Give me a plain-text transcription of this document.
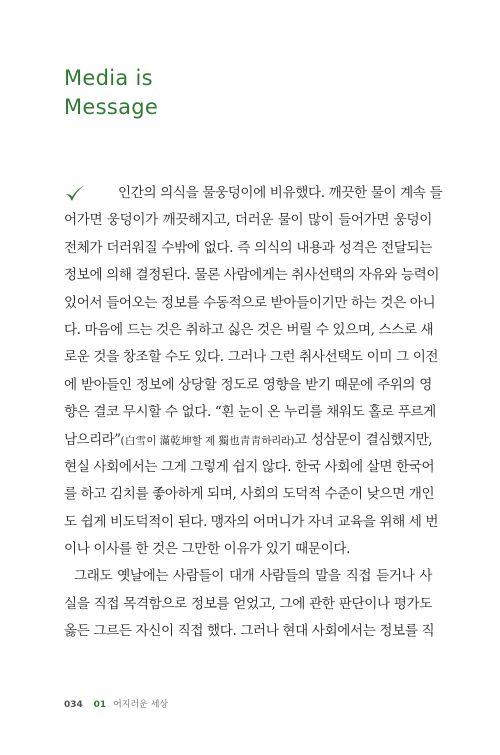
Media is
Message
인간의 의식을 물웅덩이에 비유했다. 깨끗한 물이 계속 들
어가면 웅덩이가 깨끗해지고, 더러운 물이 많이 들어가면 웅덩이
전체가 더러워질 수밖에 없다. 즉 의식의 내용과 성격은 전달되는
정보에 의해 결정된다. 물론 사람에게는 취사선택의 자유와 능력이
있어서 들어오는 정보를 수동적으로 받아들이기만 하는 것은 아니
다. 마음에 드는 것은 취하고 싫은 것은 버릴 수 있으며, 스스로 새
로운 것을 창조할 수도 있다. 그러나 그런 취사선택도 이미 그 이전
에 받아들인 정보에 상당할 정도로 영향을 받기 때문에 주위의 영
향은 결코 무시할 수 없다. “흰 눈이 온 누리를 채워도 홀로 푸르게
남으리라”(白雪이 滿乾坤할 제 獨也靑靑하리라)고 성삼문이 결심했지만,
현실 사회에서는 그게 그렇게 쉽지 않다. 한국 사회에 살면 한국어
를 하고 김치를 좋아하게 되며, 사회의 도덕적 수준이 낮으면 개인
도 쉽게 비도덕적이 된다. 맹자의 어머니가 자녀 교육을 위해 세 번
이나 이사를 한 것은 그만한 이유가 있기 때문이다.
그래도 옛날에는 사람들이 대개 사람들의 말을 직접 듣거나 사
실을 직접 목격함으로 정보를 얻었고, 그에 관한 판단이나 평가도
옳든 그르든 자신이 직접 했다. 그러나 현대 사회에서는 정보를 직
034 01 어지러운 세상
